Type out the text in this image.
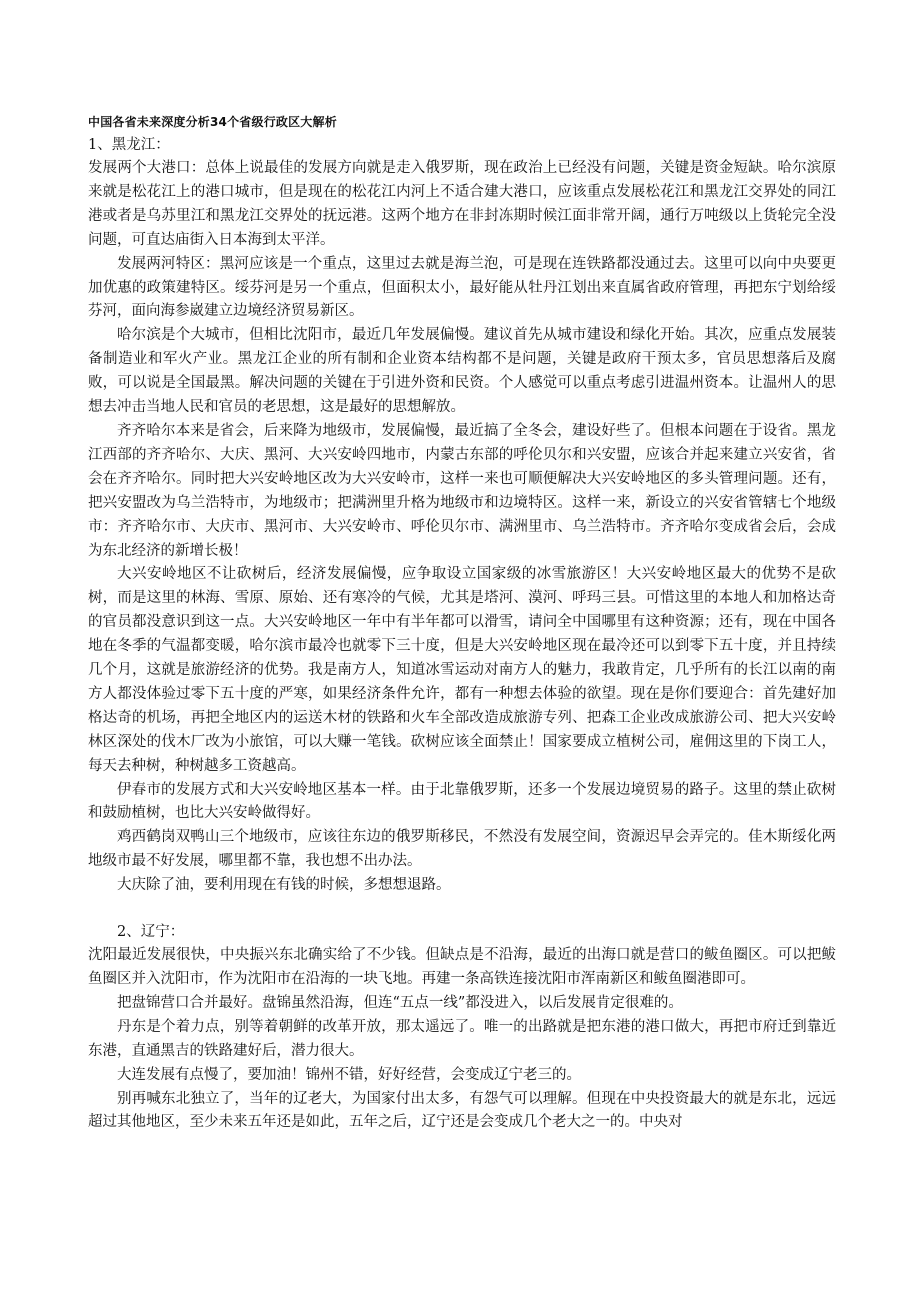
中国各省未来深度分析34个省级行政区大解析
1、黑龙江：

发展两个大港口：总体上说最佳的发展方向就是走入俄罗斯，现在政治上已经没有问题，关键是资金短缺。哈尔滨原来就是松花江上的港口城市，但是现在的松花江内河上不适合建大港口，应该重点发展松花江和黑龙江交界处的同江港或者是乌苏里江和黑龙江交界处的抚远港。这两个地方在非封冻期时候江面非常开阔，通行万吨级以上货轮完全没问题，可直达庙街入日本海到太平洋。

发展两河特区：黑河应该是一个重点，这里过去就是海兰泡，可是现在连铁路都没通过去。这里可以向中央要更加优惠的政策建特区。绥芬河是另一个重点，但面积太小，最好能从牡丹江划出来直属省政府管理，再把东宁划给绥芬河，面向海参崴建立边境经济贸易新区。

哈尔滨是个大城市，但相比沈阳市，最近几年发展偏慢。建议首先从城市建设和绿化开始。其次，应重点发展装备制造业和军火产业。黑龙江企业的所有制和企业资本结构都不是问题，关键是政府干预太多，官员思想落后及腐败，可以说是全国最黑。解决问题的关键在于引进外资和民资。个人感觉可以重点考虑引进温州资本。让温州人的思想去冲击当地人民和官员的老思想，这是最好的思想解放。

齐齐哈尔本来是省会，后来降为地级市，发展偏慢，最近搞了全冬会，建设好些了。但根本问题在于设省。黑龙江西部的齐齐哈尔、大庆、黑河、大兴安岭四地市，内蒙古东部的呼伦贝尔和兴安盟，应该合并起来建立兴安省，省会在齐齐哈尔。同时把大兴安岭地区改为大兴安岭市，这样一来也可顺便解决大兴安岭地区的多头管理问题。还有，把兴安盟改为乌兰浩特市，为地级市；把满洲里升格为地级市和边境特区。这样一来，新设立的兴安省管辖七个地级市：齐齐哈尔市、大庆市、黑河市、大兴安岭市、呼伦贝尔市、满洲里市、乌兰浩特市。齐齐哈尔变成省会后，会成为东北经济的新增长极！

大兴安岭地区不让砍树后，经济发展偏慢，应争取设立国家级的冰雪旅游区！大兴安岭地区最大的优势不是砍树，而是这里的林海、雪原、原始、还有寒冷的气候，尤其是塔河、漠河、呼玛三县。可惜这里的本地人和加格达奇的官员都没意识到这一点。大兴安岭地区一年中有半年都可以滑雪，请问全中国哪里有这种资源；还有，现在中国各地在冬季的气温都变暖，哈尔滨市最冷也就零下三十度，但是大兴安岭地区现在最冷还可以到零下五十度，并且持续几个月，这就是旅游经济的优势。我是南方人，知道冰雪运动对南方人的魅力，我敢肯定，几乎所有的长江以南的南方人都没体验过零下五十度的严寒，如果经济条件允许，都有一种想去体验的欲望。现在是你们要迎合：首先建好加格达奇的机场，再把全地区内的运送木材的铁路和火车全部改造成旅游专列、把森工企业改成旅游公司、把大兴安岭林区深处的伐木厂改为小旅馆，可以大赚一笔钱。砍树应该全面禁止！国家要成立植树公司，雇佣这里的下岗工人，每天去种树，种树越多工资越高。

伊春市的发展方式和大兴安岭地区基本一样。由于北靠俄罗斯，还多一个发展边境贸易的路子。这里的禁止砍树和鼓励植树，也比大兴安岭做得好。

鸡西鹤岗双鸭山三个地级市，应该往东边的俄罗斯移民，不然没有发展空间，资源迟早会弄完的。佳木斯绥化两地级市最不好发展，哪里都不靠，我也想不出办法。

大庆除了油，要利用现在有钱的时候，多想想退路。

2、辽宁：

沈阳最近发展很快，中央振兴东北确实给了不少钱。但缺点是不沿海，最近的出海口就是营口的鲅鱼圈区。可以把鲅鱼圈区并入沈阳市，作为沈阳市在沿海的一块飞地。再建一条高铁连接沈阳市浑南新区和鲅鱼圈港即可。

把盘锦营口合并最好。盘锦虽然沿海，但连“五点一线”都没进入，以后发展肯定很难的。

丹东是个着力点，别等着朝鲜的改革开放，那太遥远了。唯一的出路就是把东港的港口做大，再把市府迁到靠近东港，直通黑吉的铁路建好后，潜力很大。

大连发展有点慢了，要加油！锦州不错，好好经营，会变成辽宁老三的。

别再喊东北独立了，当年的辽老大，为国家付出太多，有怨气可以理解。但现在中央投资最大的就是东北，远远超过其他地区，至少未来五年还是如此，五年之后，辽宁还是会变成几个老大之一的。中央对
